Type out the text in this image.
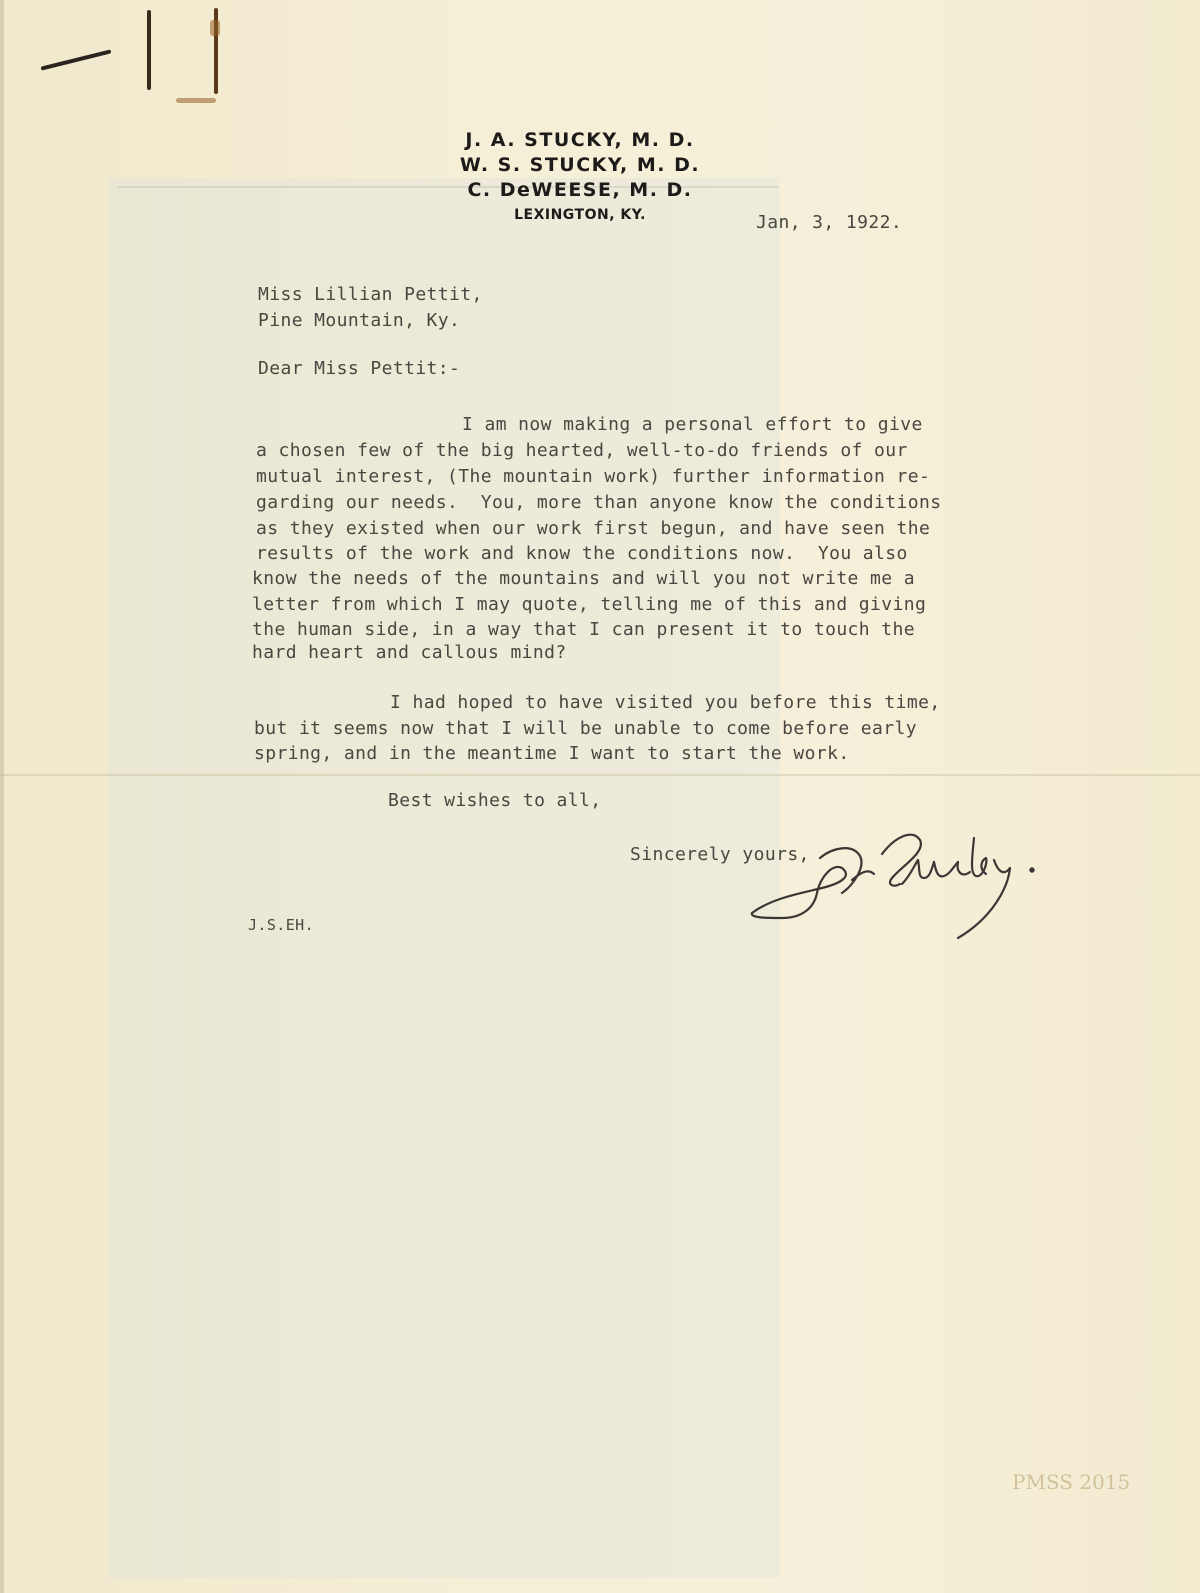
J. A. STUCKY, M. D.
W. S. STUCKY, M. D.
C. DeWEESE, M. D.
LEXINGTON, KY.	Jan, 3, 1922.
Miss Lillian Pettit,
Pine Mountain, Ky.
Dear Miss Pettit:-
I am now making a personal effort to give
a chosen few of the big hearted, well-to-do friends of our
mutual interest, (The mountain work) further information re-
garding our needs.  You, more than anyone know the conditions
as they existed when our work first begun, and have seen the
results of the work and know the conditions now.  You also
know the needs of the mountains and will you not write me a
letter from which I may quote, telling me of this and giving
the human side, in a way that I can present it to touch the
hard heart and callous mind?
I had hoped to have visited you before this time,
but it seems now that I will be unable to come before early
spring, and in the meantime I want to start the work.
Best wishes to all,
Sincerely yours,
J.S.EH.
PMSS 2015
